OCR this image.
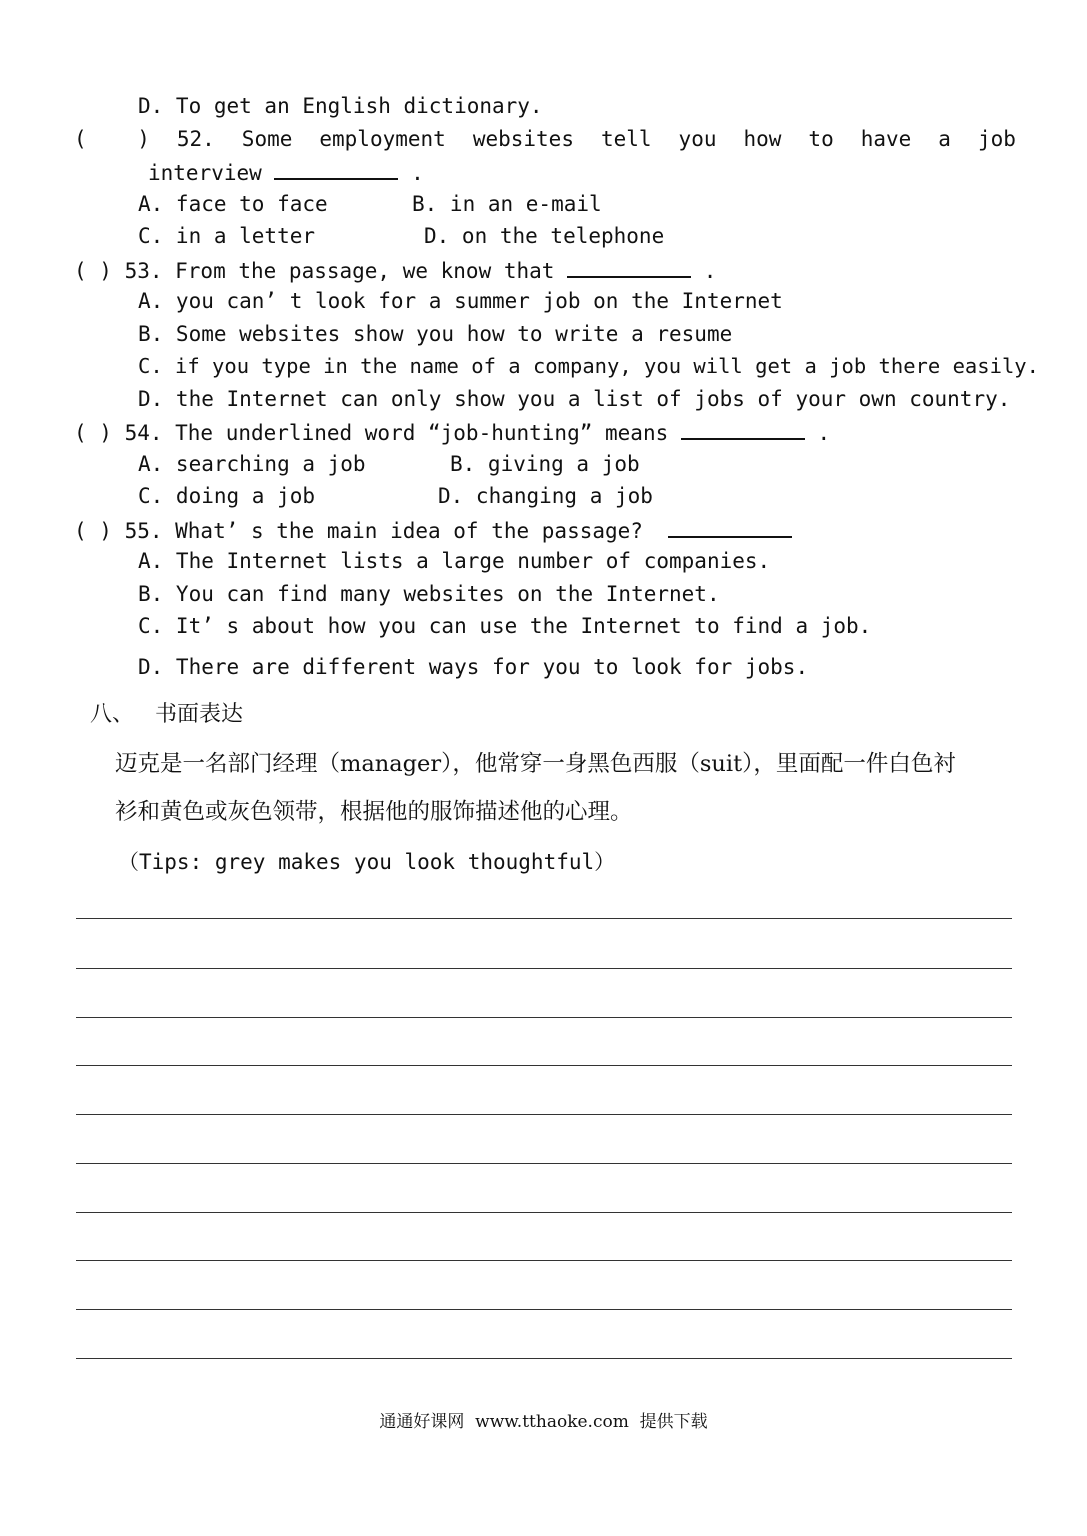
D. To get an English dictionary.
(    ) 52. Some employment websites tell you how to have a job
interview	.
A. face to face	B. in an e-mail
C. in a letter	D. on the telephone
( ) 53. From the passage, we know that	.
A. you can’ t look for a summer job on the Internet
B. Some websites show you how to write a resume
C. if you type in the name of a company, you will get a job there easily.
D. the Internet can only show you a list of jobs of your own country.
( ) 54. The underlined word “job-hunting” means	.
A. searching a job	B. giving a job
C. doing a job	D. changing a job
( ) 55. What’ s the main idea of the passage?
A. The Internet lists a large number of companies.
B. You can find many websites on the Internet.
C. It’ s about how you can use the Internet to find a job.
D. There are different ways for you to look for jobs.
八、 书面表达
迈克是一名部门经理（manager），他常穿一身黑色西服（suit），里面配一件白色衬
衫和黄色或灰色领带，根据他的服饰描述他的心理。
（Tips: grey makes you look thoughtful）
通通好课网  www.tthaoke.com  提供下载
